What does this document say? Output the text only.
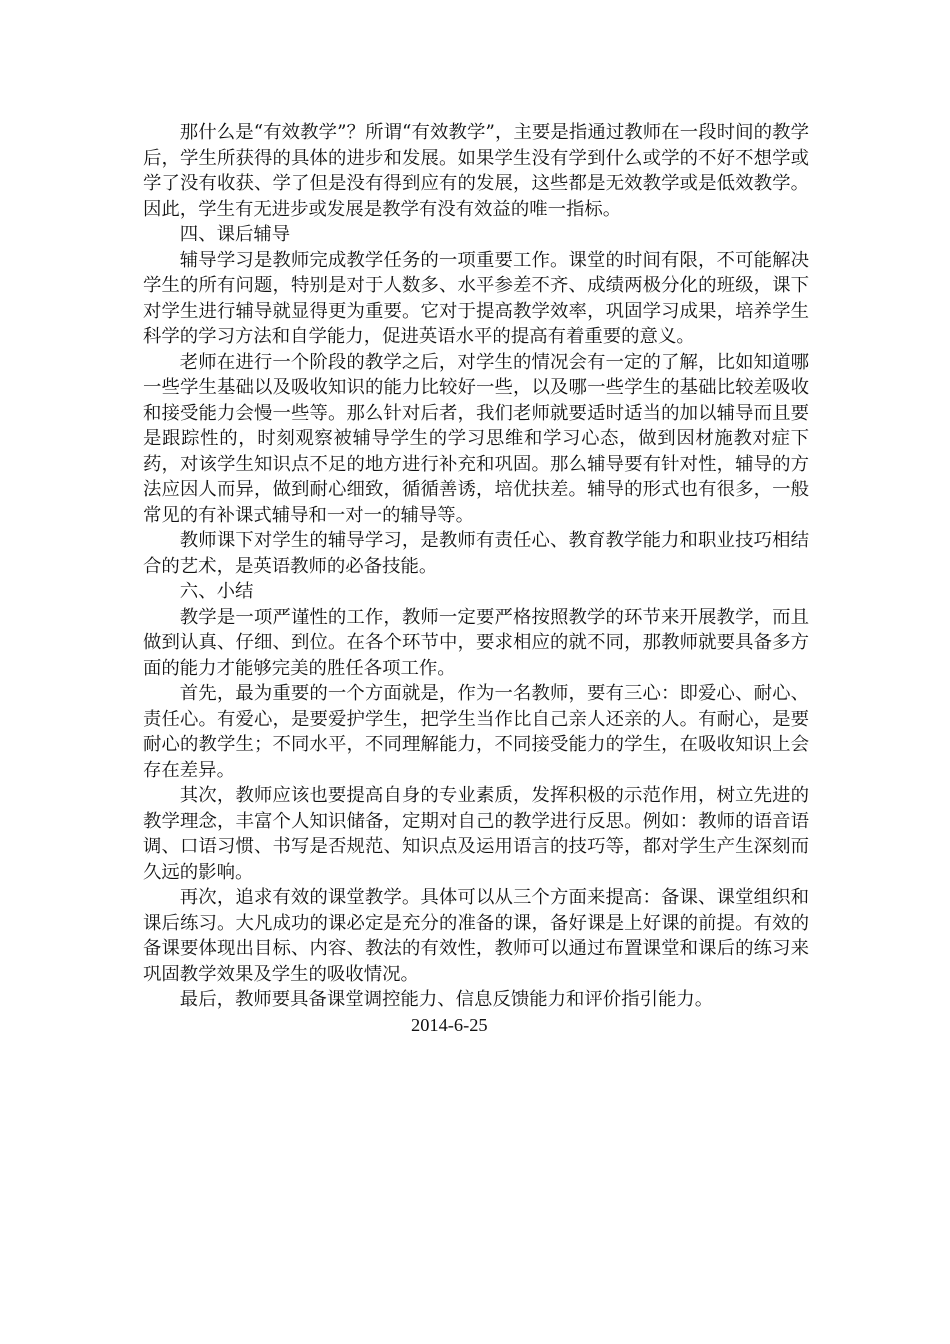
那什么是“有效教学”？所谓“有效教学”，主要是指通过教师在一段时间的教学后，学生所获得的具体的进步和发展。如果学生没有学到什么或学的不好不想学或学了没有收获、学了但是没有得到应有的发展，这些都是无效教学或是低效教学。因此，学生有无进步或发展是教学有没有效益的唯一指标。

四、课后辅导

辅导学习是教师完成教学任务的一项重要工作。课堂的时间有限，不可能解决学生的所有问题，特别是对于人数多、水平参差不齐、成绩两极分化的班级，课下对学生进行辅导就显得更为重要。它对于提高教学效率，巩固学习成果，培养学生科学的学习方法和自学能力，促进英语水平的提高有着重要的意义。

老师在进行一个阶段的教学之后，对学生的情况会有一定的了解，比如知道哪一些学生基础以及吸收知识的能力比较好一些，以及哪一些学生的基础比较差吸收和接受能力会慢一些等。那么针对后者，我们老师就要适时适当的加以辅导而且要是跟踪性的，时刻观察被辅导学生的学习思维和学习心态，做到因材施教对症下药，对该学生知识点不足的地方进行补充和巩固。那么辅导要有针对性，辅导的方法应因人而异，做到耐心细致，循循善诱，培优扶差。辅导的形式也有很多，一般常见的有补课式辅导和一对一的辅导等。

教师课下对学生的辅导学习，是教师有责任心、教育教学能力和职业技巧相结合的艺术，是英语教师的必备技能。

六、小结

教学是一项严谨性的工作，教师一定要严格按照教学的环节来开展教学，而且做到认真、仔细、到位。在各个环节中，要求相应的就不同，那教师就要具备多方面的能力才能够完美的胜任各项工作。

首先，最为重要的一个方面就是，作为一名教师，要有三心：即爱心、耐心、责任心。有爱心，是要爱护学生，把学生当作比自己亲人还亲的人。有耐心，是要耐心的教学生；不同水平，不同理解能力，不同接受能力的学生，在吸收知识上会存在差异。

其次，教师应该也要提高自身的专业素质，发挥积极的示范作用，树立先进的教学理念，丰富个人知识储备，定期对自己的教学进行反思。例如：教师的语音语调、口语习惯、书写是否规范、知识点及运用语言的技巧等，都对学生产生深刻而久远的影响。

再次，追求有效的课堂教学。具体可以从三个方面来提高：备课、课堂组织和课后练习。大凡成功的课必定是充分的准备的课，备好课是上好课的前提。有效的备课要体现出目标、内容、教法的有效性，教师可以通过布置课堂和课后的练习来巩固教学效果及学生的吸收情况。

最后，教师要具备课堂调控能力、信息反馈能力和评价指引能力。

2014-6-25
